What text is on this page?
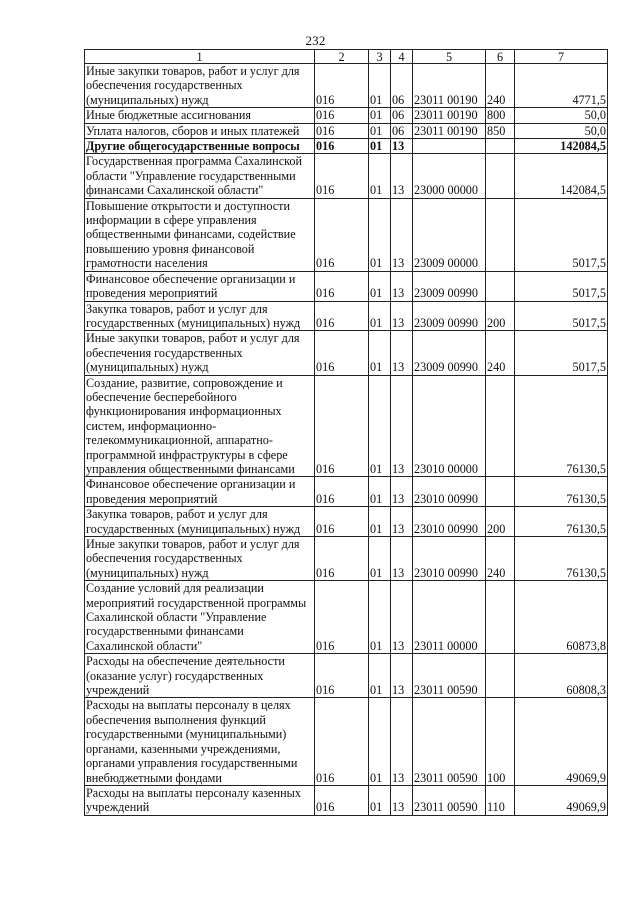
232
1	2	3	4	5	6	7
Иные закупки товаров, работ и услуг для обеспечения государственных (муниципальных) нужд	016	01	06	23011 00190	240	4771,5
Иные бюджетные ассигнования	016	01	06	23011 00190	800	50,0
Уплата налогов, сборов и иных платежей	016	01	06	23011 00190	850	50,0
Другие общегосударственные вопросы	016	01	13			142084,5
Государственная программа Сахалинской области "Управление государственными финансами Сахалинской области"	016	01	13	23000 00000		142084,5
Повышение открытости и доступности информации в сфере управления общественными финансами, содействие повышению уровня финансовой грамотности населения	016	01	13	23009 00000		5017,5
Финансовое обеспечение организации и проведения мероприятий	016	01	13	23009 00990		5017,5
Закупка товаров, работ и услуг для государственных (муниципальных) нужд	016	01	13	23009 00990	200	5017,5
Иные закупки товаров, работ и услуг для обеспечения государственных (муниципальных) нужд	016	01	13	23009 00990	240	5017,5
Создание, развитие, сопровождение и обеспечение бесперебойного функционирования информационных систем, информационно-телекоммуникационной, аппаратно-программной инфраструктуры в сфере управления общественными финансами	016	01	13	23010 00000		76130,5
Финансовое обеспечение организации и проведения мероприятий	016	01	13	23010 00990		76130,5
Закупка товаров, работ и услуг для государственных (муниципальных) нужд	016	01	13	23010 00990	200	76130,5
Иные закупки товаров, работ и услуг для обеспечения государственных (муниципальных) нужд	016	01	13	23010 00990	240	76130,5
Создание условий для реализации мероприятий государственной программы Сахалинской области "Управление государственными финансами Сахалинской области"	016	01	13	23011 00000		60873,8
Расходы на обеспечение деятельности (оказание услуг) государственных учреждений	016	01	13	23011 00590		60808,3
Расходы на выплаты персоналу в целях обеспечения выполнения функций государственными (муниципальными) органами, казенными учреждениями, органами управления государственными внебюджетными фондами	016	01	13	23011 00590	100	49069,9
Расходы на выплаты персоналу казенных учреждений	016	01	13	23011 00590	110	49069,9
